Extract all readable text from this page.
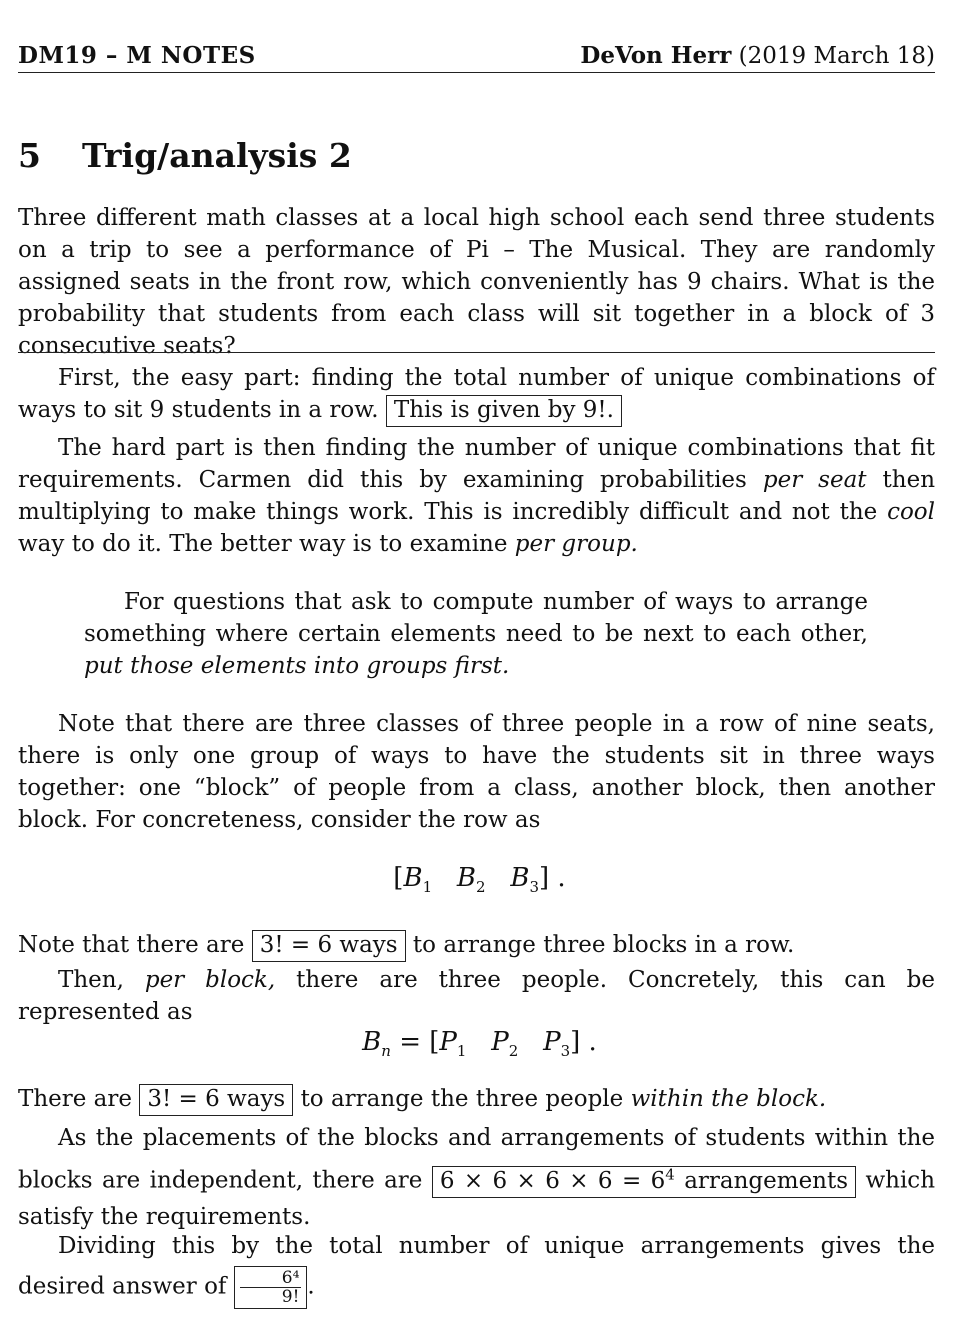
DM19 – M NOTES	DeVon Herr (2019 March 18)
5 Trig/analysis 2
Three different math classes at a local high school each send three students on a trip to see a performance of Pi – The Musical. They are randomly assigned seats in the front row, which conveniently has 9 chairs. What is the probability that students from each class will sit together in a block of 3 consecutive seats?
First, the easy part: finding the total number of unique combinations of ways to sit 9 students in a row. This is given by 9!.
The hard part is then finding the number of unique combinations that fit requirements. Carmen did this by examining probabilities per seat then multiplying to make things work. This is incredibly difficult and not the cool way to do it. The better way is to examine per group.
For questions that ask to compute number of ways to arrange something where certain elements need to be next to each other, put those elements into groups first.
Note that there are three classes of three people in a row of nine seats, there is only one group of ways to have the students sit in three ways together: one “block” of people from a class, another block, then another block. For concreteness, consider the row as
[$B_1$ $B_2$ $B_3$] .
Note that there are 3! = 6 ways to arrange three blocks in a row.
Then, per block, there are three people. Concretely, this can be represented as
$B_n = [P_1$ $P_2$ $P_3$] .
There are 3! = 6 ways to arrange the three people within the block.
As the placements of the blocks and arrangements of students within the blocks are independent, there are $6 \times 6 \times 6 \times 6 = 6^4$ arrangements which satisfy the requirements.
Dividing this by the total number of unique arrangements gives the desired answer of $\frac{\text{6⁴}}{9!}$ .
